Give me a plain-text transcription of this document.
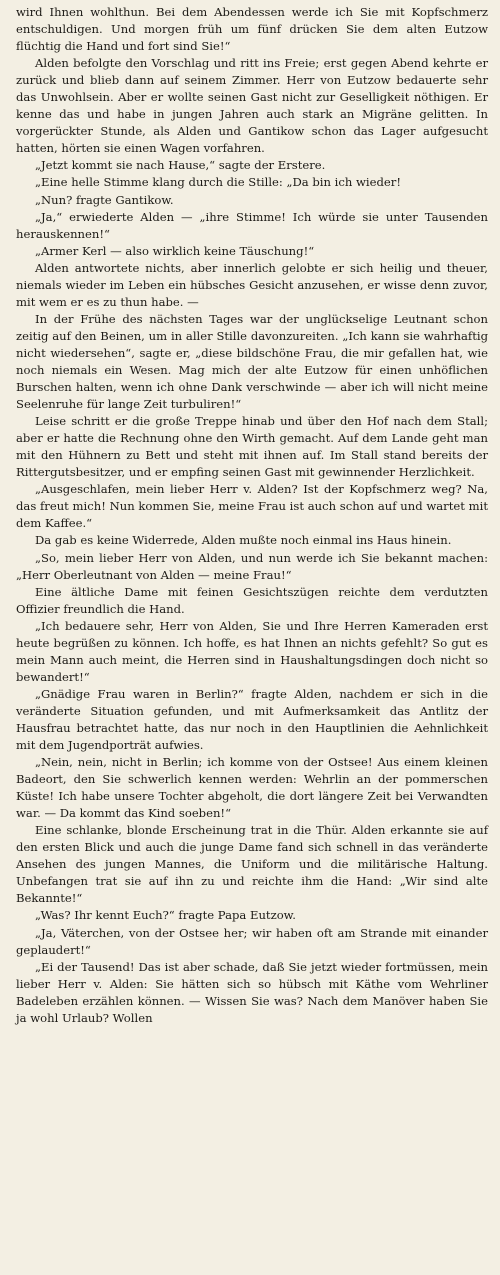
wird Ihnen wohlthun. Bei dem Abendessen werde ich Sie mit Kopfschmerz entschuldigen. Und morgen früh um fünf drücken Sie dem alten Eutzow flüchtig die Hand und fort sind Sie!“

Alden befolgte den Vorschlag und ritt ins Freie; erst gegen Abend kehrte er zurück und blieb dann auf seinem Zimmer. Herr von Eutzow bedauerte sehr das Unwohlsein. Aber er wollte seinen Gast nicht zur Geselligkeit nöthigen. Er kenne das und habe in jungen Jahren auch stark an Migräne gelitten. In vorgerückter Stunde, als Alden und Gantikow schon das Lager aufgesucht hatten, hörten sie einen Wagen vorfahren.

„Jetzt kommt sie nach Hause,“ sagte der Erstere.

„Eine helle Stimme klang durch die Stille: „Da bin ich wieder!

„Nun? fragte Gantikow.

„Ja,“ erwiederte Alden — „ihre Stimme! Ich würde sie unter Tausenden herauskennen!“

„Armer Kerl — also wirklich keine Täuschung!“

Alden antwortete nichts, aber innerlich gelobte er sich heilig und theuer, niemals wieder im Leben ein hübsches Gesicht anzusehen, er wisse denn zuvor, mit wem er es zu thun habe. —

In der Frühe des nächsten Tages war der unglückselige Leutnant schon zeitig auf den Beinen, um in aller Stille davonzureiten. „Ich kann sie wahrhaftig nicht wiedersehen“, sagte er, „diese bildschöne Frau, die mir gefallen hat, wie noch niemals ein Wesen. Mag mich der alte Eutzow für einen unhöflichen Burschen halten, wenn ich ohne Dank verschwinde — aber ich will nicht meine Seelenruhe für lange Zeit turbuliren!“

Leise schritt er die große Treppe hinab und über den Hof nach dem Stall; aber er hatte die Rechnung ohne den Wirth gemacht. Auf dem Lande geht man mit den Hühnern zu Bett und steht mit ihnen auf. Im Stall stand bereits der Rittergutsbesitzer, und er empfing seinen Gast mit gewinnender Herzlichkeit.

„Ausgeschlafen, mein lieber Herr v. Alden? Ist der Kopfschmerz weg? Na, das freut mich! Nun kommen Sie, meine Frau ist auch schon auf und wartet mit dem Kaffee.“

Da gab es keine Widerrede, Alden mußte noch einmal ins Haus hinein.

„So, mein lieber Herr von Alden, und nun werde ich Sie bekannt machen: „Herr Oberleutnant von Alden — meine Frau!“

Eine ältliche Dame mit feinen Gesichtszügen reichte dem verdutzten Offizier freundlich die Hand.

„Ich bedauere sehr, Herr von Alden, Sie und Ihre Herren Kameraden erst heute begrüßen zu können. Ich hoffe, es hat Ihnen an nichts gefehlt? So gut es mein Mann auch meint, die Herren sind in Haushaltungsdingen doch nicht so bewandert!“

„Gnädige Frau waren in Berlin?“ fragte Alden, nachdem er sich in die veränderte Situation gefunden, und mit Aufmerksamkeit das Antlitz der Hausfrau betrachtet hatte, das nur noch in den Hauptlinien die Aehnlichkeit mit dem Jugendporträt aufwies.

„Nein, nein, nicht in Berlin; ich komme von der Ostsee! Aus einem kleinen Badeort, den Sie schwerlich kennen werden: Wehrlin an der pommerschen Küste! Ich habe unsere Tochter abgeholt, die dort längere Zeit bei Verwandten war. — Da kommt das Kind soeben!“

Eine schlanke, blonde Erscheinung trat in die Thür. Alden erkannte sie auf den ersten Blick und auch die junge Dame fand sich schnell in das veränderte Ansehen des jungen Mannes, die Uniform und die militärische Haltung. Unbefangen trat sie auf ihn zu und reichte ihm die Hand: „Wir sind alte Bekannte!“

„Was? Ihr kennt Euch?“ fragte Papa Eutzow.

„Ja, Väterchen, von der Ostsee her; wir haben oft am Strande mit einander geplaudert!“

„Ei der Tausend! Das ist aber schade, daß Sie jetzt wieder fortmüssen, mein lieber Herr v. Alden: Sie hätten sich so hübsch mit Käthe vom Wehrliner Badeleben erzählen können. — Wissen Sie was? Nach dem Manöver haben Sie ja wohl Urlaub? Wollen
